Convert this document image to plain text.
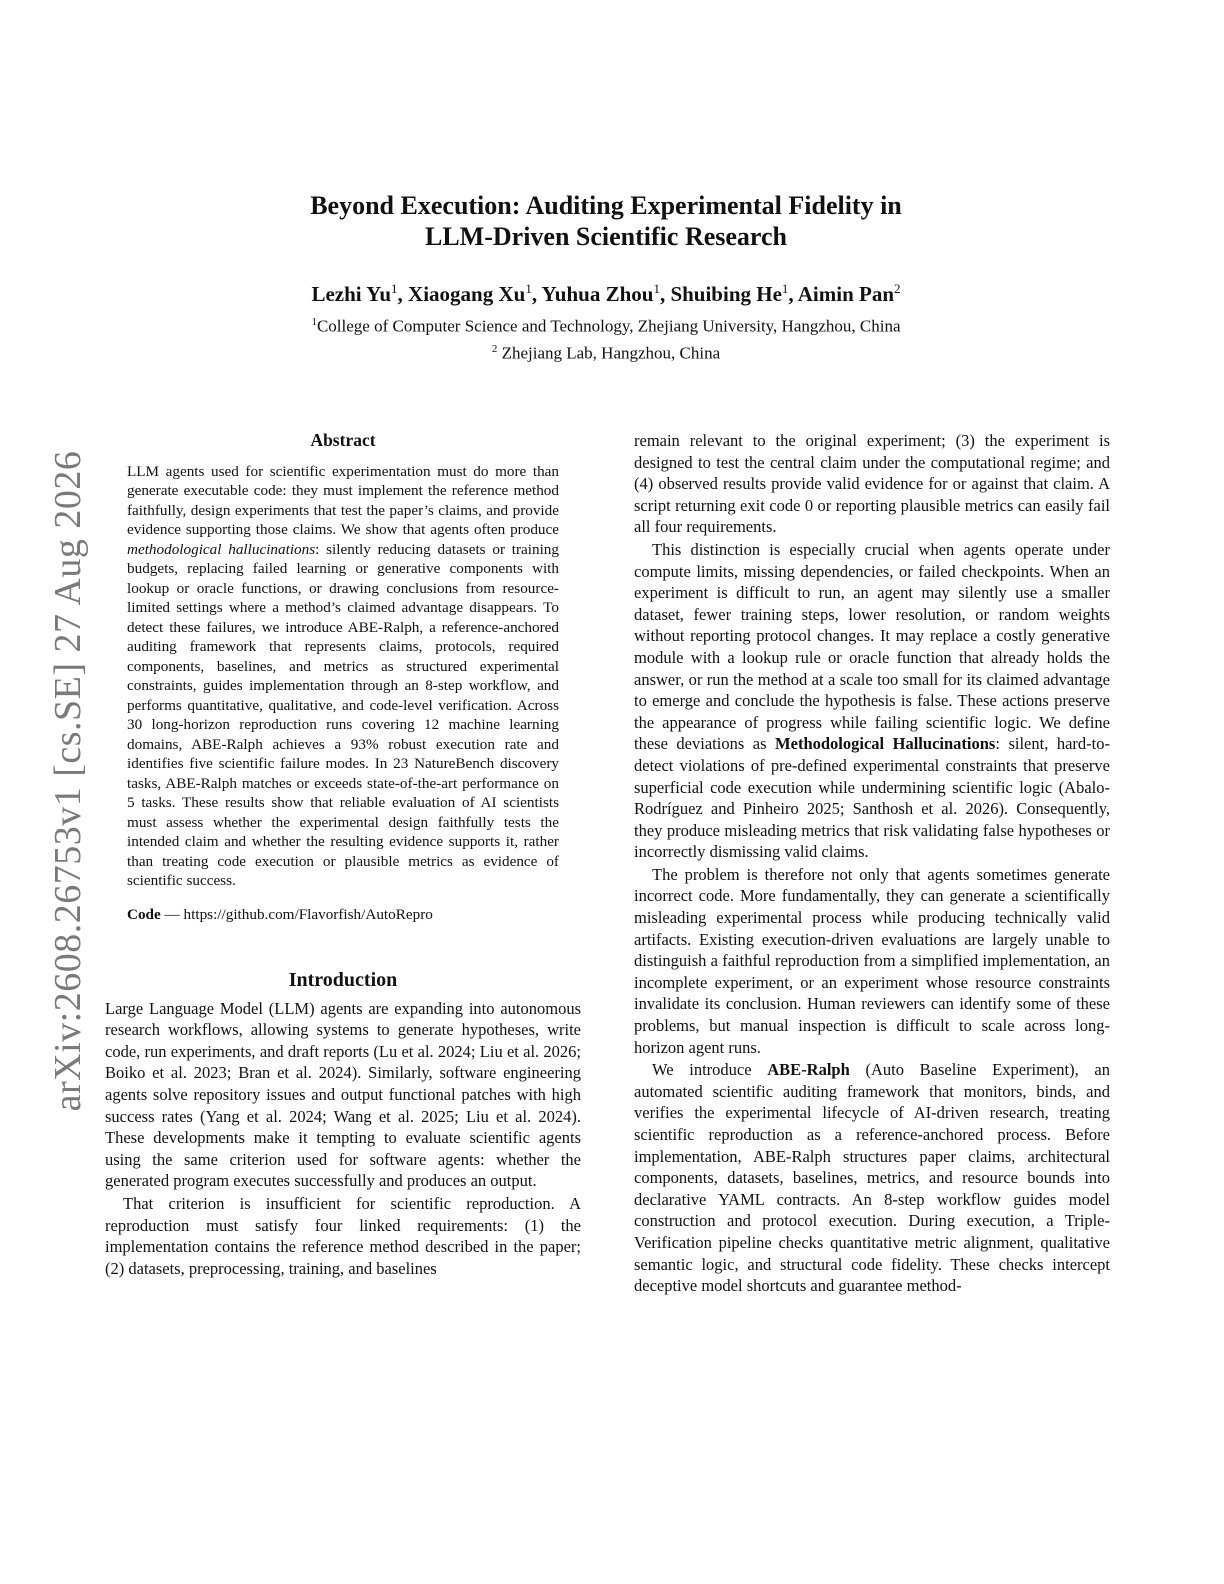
arXiv:2608.26753v1 [cs.SE] 27 Aug 2026
Beyond Execution: Auditing Experimental Fidelity in
LLM-Driven Scientific Research
Lezhi Yu$^1$, Xiaogang Xu$^1$, Yuhua Zhou$^1$, Shuibing He$^1$, Aimin Pan$^2$
$^1$College of Computer Science and Technology, Zhejiang University, Hangzhou, China
$^2$ Zhejiang Lab, Hangzhou, China
Abstract

LLM agents used for scientific experimentation must do more than generate executable code: they must implement the reference method faithfully, design experiments that test the paper’s claims, and provide evidence supporting those claims. We show that agents often produce methodological hallucinations: silently reducing datasets or training budgets, replacing failed learning or generative components with lookup or oracle functions, or drawing conclusions from resource-limited settings where a method’s claimed advantage disappears. To detect these failures, we introduce ABE-Ralph, a reference-anchored auditing framework that represents claims, protocols, required components, baselines, and metrics as structured experimental constraints, guides implementation through an 8-step workflow, and performs quantitative, qualitative, and code-level verification. Across 30 long-horizon reproduction runs covering 12 machine learning domains, ABE-Ralph achieves a 93% robust execution rate and identifies five scientific failure modes. In 23 NatureBench discovery tasks, ABE-Ralph matches or exceeds state-of-the-art performance on 5 tasks. These results show that reliable evaluation of AI scientists must assess whether the experimental design faithfully tests the intended claim and whether the resulting evidence supports it, rather than treating code execution or plausible metrics as evidence of scientific success.

Code — https://github.com/Flavorfish/AutoRepro
Introduction

Large Language Model (LLM) agents are expanding into autonomous research workflows, allowing systems to generate hypotheses, write code, run experiments, and draft reports (Lu et al. 2024; Liu et al. 2026; Boiko et al. 2023; Bran et al. 2024). Similarly, software engineering agents solve repository issues and output functional patches with high success rates (Yang et al. 2024; Wang et al. 2025; Liu et al. 2024). These developments make it tempting to evaluate scientific agents using the same criterion used for software agents: whether the generated program executes successfully and produces an output.

That criterion is insufficient for scientific reproduction. A reproduction must satisfy four linked requirements: (1) the implementation contains the reference method described in the paper; (2) datasets, preprocessing, training, and baselines

remain relevant to the original experiment; (3) the experiment is designed to test the central claim under the computational regime; and (4) observed results provide valid evidence for or against that claim. A script returning exit code 0 or reporting plausible metrics can easily fail all four requirements.

This distinction is especially crucial when agents operate under compute limits, missing dependencies, or failed checkpoints. When an experiment is difficult to run, an agent may silently use a smaller dataset, fewer training steps, lower resolution, or random weights without reporting protocol changes. It may replace a costly generative module with a lookup rule or oracle function that already holds the answer, or run the method at a scale too small for its claimed advantage to emerge and conclude the hypothesis is false. These actions preserve the appearance of progress while failing scientific logic. We define these deviations as Methodological Hallucinations: silent, hard-to-detect violations of pre-defined experimental constraints that preserve superficial code execution while undermining scientific logic (Abalo-Rodríguez and Pinheiro 2025; Santhosh et al. 2026). Consequently, they produce misleading metrics that risk validating false hypotheses or incorrectly dismissing valid claims.

The problem is therefore not only that agents sometimes generate incorrect code. More fundamentally, they can generate a scientifically misleading experimental process while producing technically valid artifacts. Existing execution-driven evaluations are largely unable to distinguish a faithful reproduction from a simplified implementation, an incomplete experiment, or an experiment whose resource constraints invalidate its conclusion. Human reviewers can identify some of these problems, but manual inspection is difficult to scale across long-horizon agent runs.

We introduce ABE-Ralph (Auto Baseline Experiment), an automated scientific auditing framework that monitors, binds, and verifies the experimental lifecycle of AI-driven research, treating scientific reproduction as a reference-anchored process. Before implementation, ABE-Ralph structures paper claims, architectural components, datasets, baselines, metrics, and resource bounds into declarative YAML contracts. An 8-step workflow guides model construction and protocol execution. During execution, a Triple-Verification pipeline checks quantitative metric alignment, qualitative semantic logic, and structural code fidelity. These checks intercept deceptive model shortcuts and guarantee method-
